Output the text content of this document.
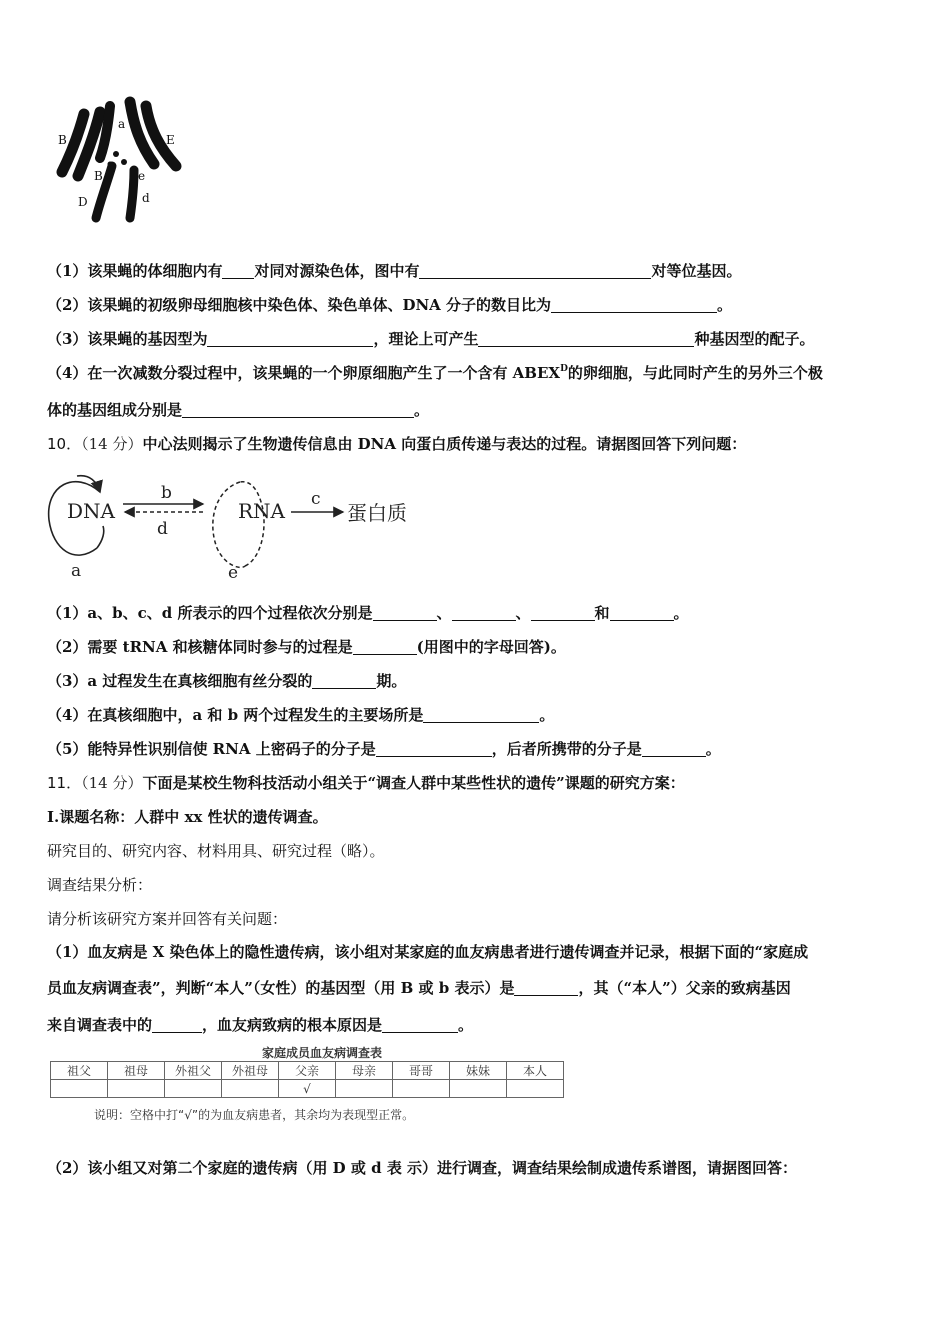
A
a
B	E
B	e
D	d
（1）该果蝇的体细胞内有 对同对源染色体，图中有	对等位基因。
（2）该果蝇的初级卵母细胞核中染色体、染色单体、DNA 分子的数目比为	。
（3）该果蝇的基因型为	，理论上可产生	种基因型的配子。
（4）在一次减数分裂过程中，该果蝇的一个卵原细胞产生了一个含有 $ABEX^D$的卵细胞，与此同时产生的另外三个极
体的基因组成分别是	。
10．（14 分）中心法则揭示了生物遗传信息由 DNA 向蛋白质传递与表达的过程。请据图回答下列问题：
DNA
a
b
d
RNA
e
c
蛋白质
（1）a、b、c、d 所表示的四个过程依次分别是	、	、	和	。
（2）需要 tRNA 和核糖体同时参与的过程是	(用图中的字母回答)。
（3）a 过程发生在真核细胞有丝分裂的	期。
（4）在真核细胞中，a 和 b 两个过程发生的主要场所是	。
（5）能特异性识别信使 RNA 上密码子的分子是	，后者所携带的分子是	。
11．（14 分）下面是某校生物科技活动小组关于“调查人群中某些性状的遗传”课题的研究方案：
I.课题名称：人群中 xx 性状的遗传调查。
研究目的、研究内容、材料用具、研究过程（略）。
调查结果分析：
请分析该研究方案并回答有关问题：
（1）血友病是 X 染色体上的隐性遗传病，该小组对某家庭的血友病患者进行遗传调查并记录，根据下面的“家庭成
员血友病调查表”，判断“本人”（女性）的基因型（用 B 或 b 表示）是	，其（“本人”）父亲的致病基因
来自调查表中的	，血友病致病的根本原因是	。
家庭成员血友病调查表
祖父	祖母	外祖父	外祖母	父亲	母亲	哥哥	妹妹	本人
				√				
说明：空格中打“√”的为血友病患者，其余均为表现型正常。
（2）该小组又对第二个家庭的遗传病（用 D 或 d 表 示）进行调查，调查结果绘制成遗传系谱图，请据图回答：
